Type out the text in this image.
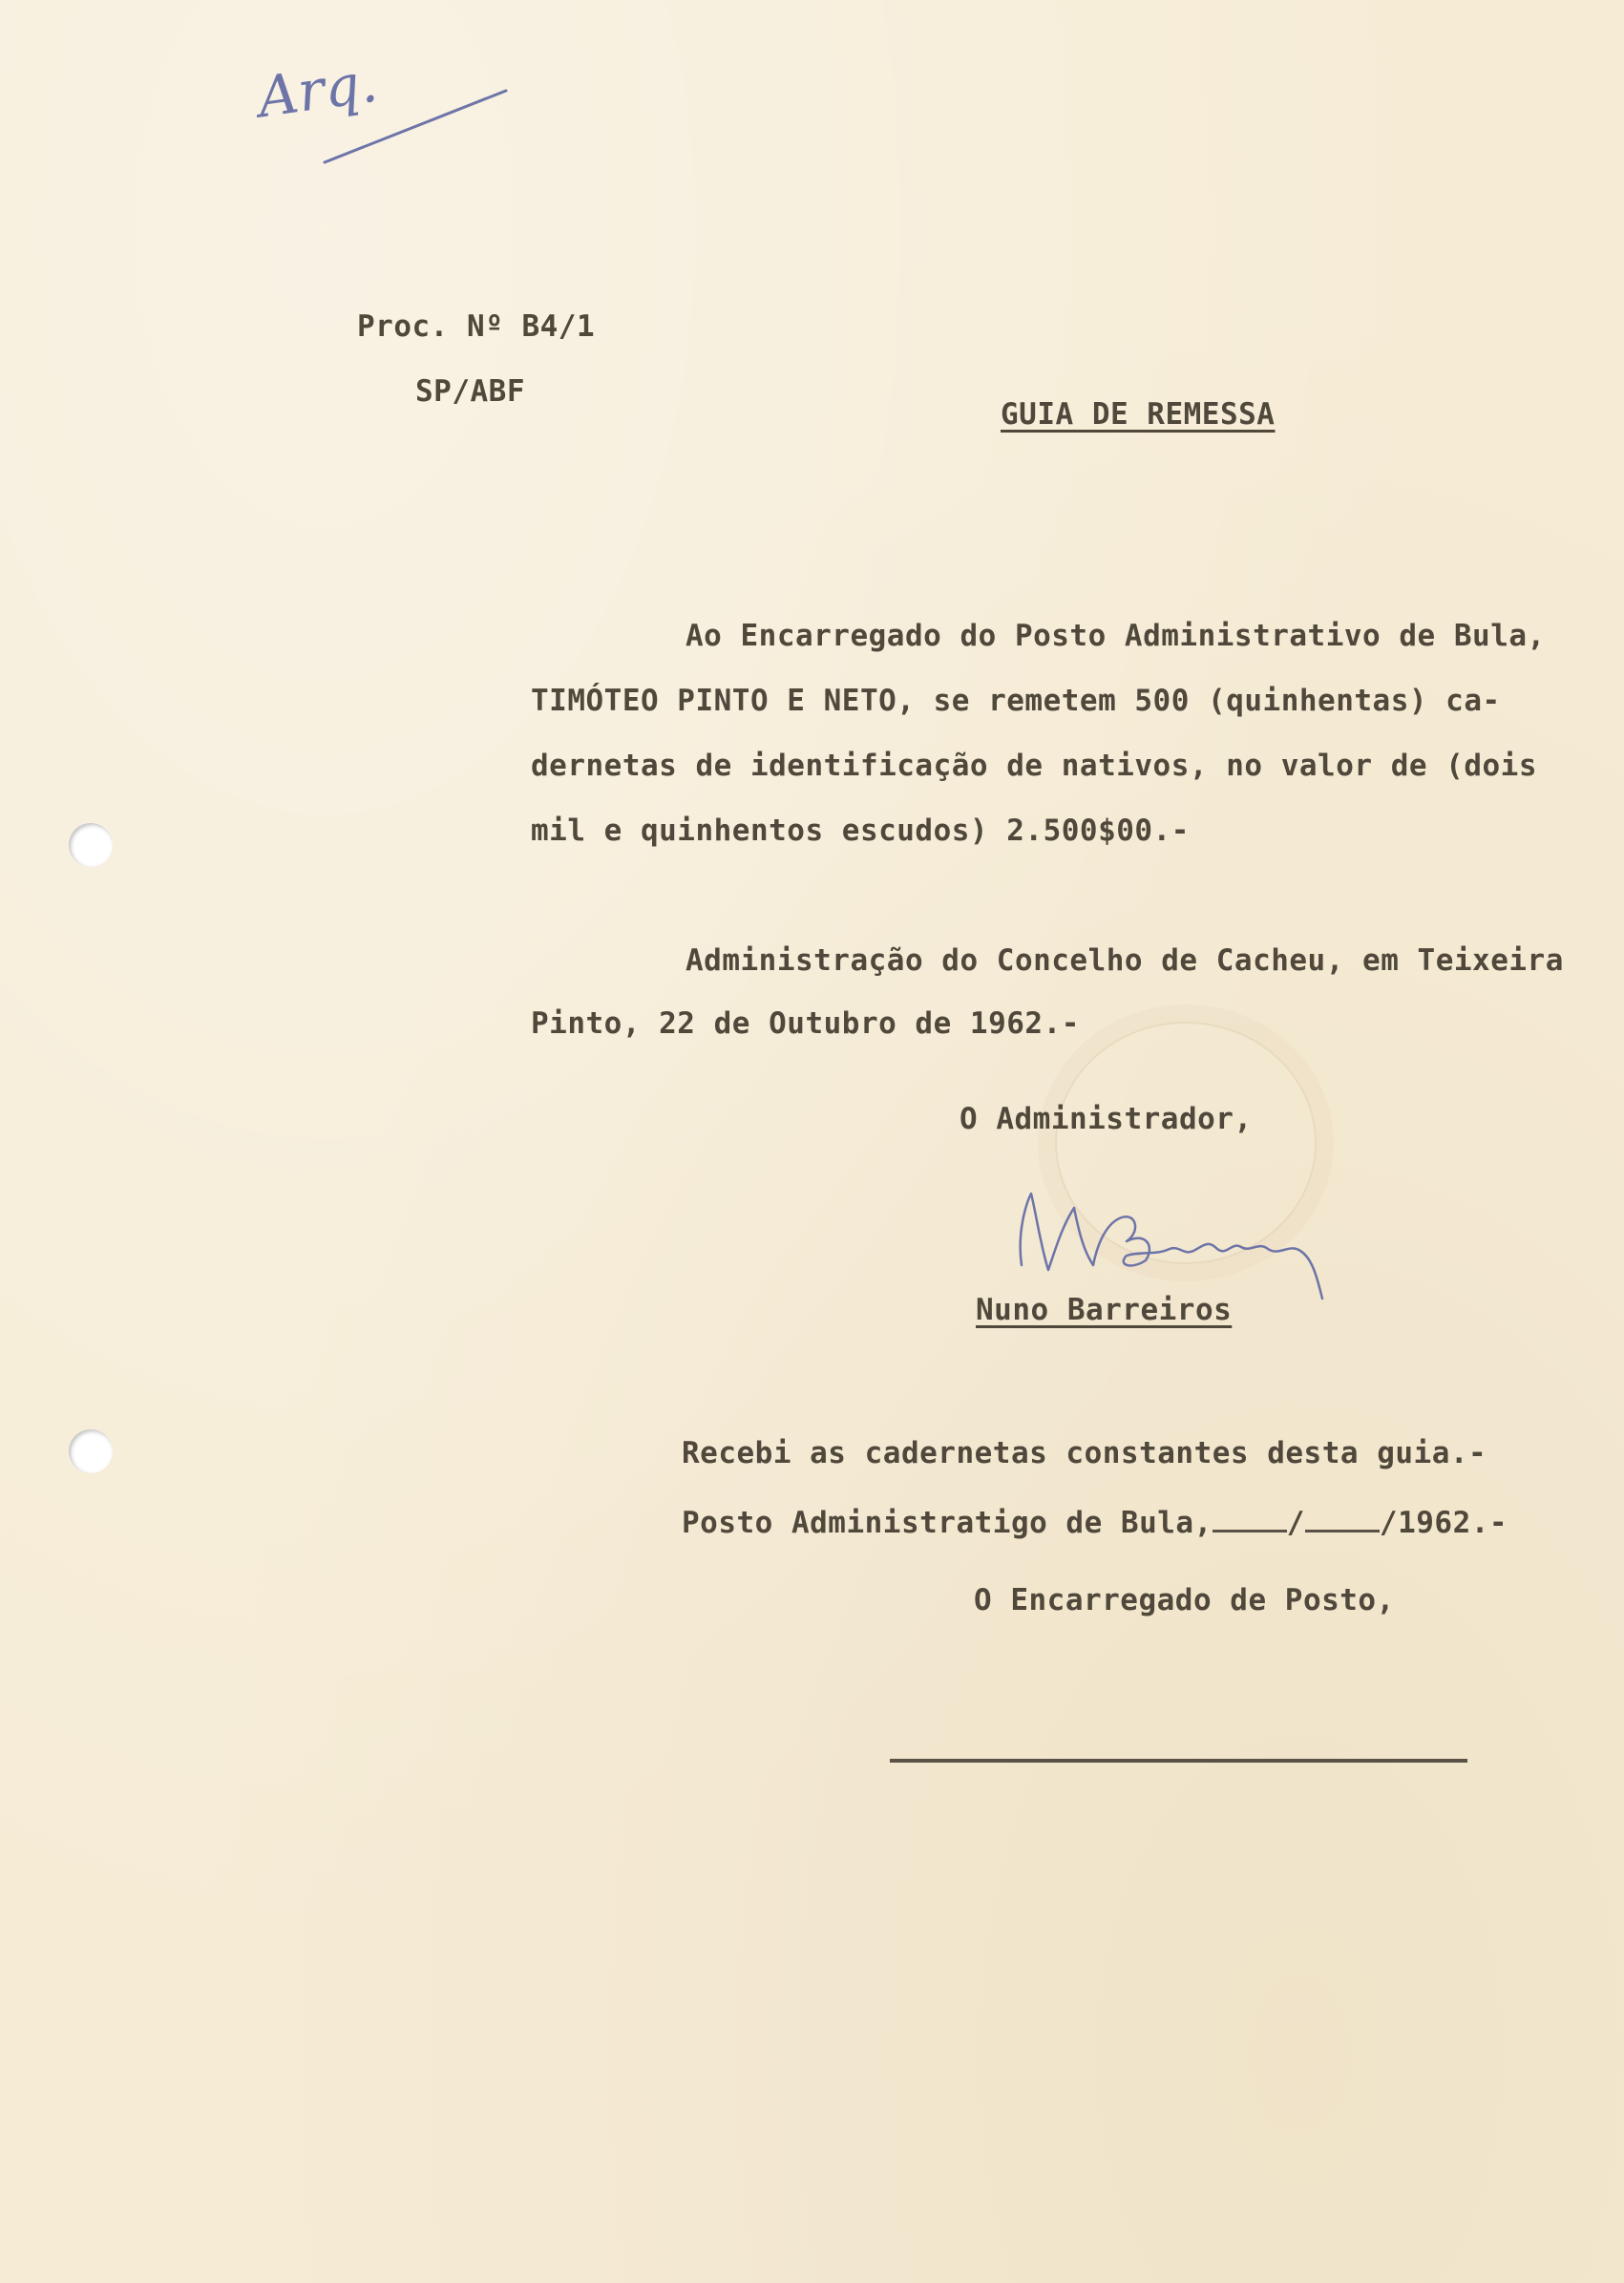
Arq.
Proc. Nº B4/1
SP/ABF
GUIA DE REMESSA
Ao Encarregado do Posto Administrativo de Bula,
TIMÓTEO PINTO E NETO, se remetem 500 (quinhentas) ca-
dernetas de identificação de nativos, no valor de (dois
mil e quinhentos escudos) 2.500$00.-
Administração do Concelho de Cacheu, em Teixeira
Pinto, 22 de Outubro de 1962.-
O Administrador,
Nuno Barreiros
Recebi as cadernetas constantes desta guia.-
Posto Administratigo de Bula,	/	/1962.-
O Encarregado de Posto,
